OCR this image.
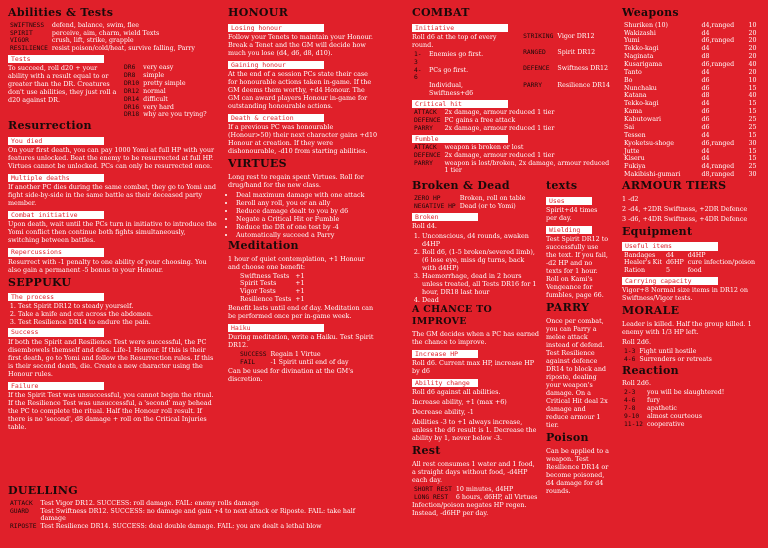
Abilities & Tests
SWIFTNESS	defend, balance, swim, flee
SPIRIT	perceive, aim, charm, wield Texts
VIGOR	crush, lift, strike, grapple
RESILIENCE	resist poison/cold/heat, survive falling, Parry
Tests

To succeed, roll d20 + your ability with a result equal to or greater than the DR. Creatures don't use abilities, they just roll a d20 against DR.

DR6	very easy
DR8	simple
DR10	pretty simple
DR12	normal
DR14	difficult
DR16	very hard
DR18	why are you trying?
Resurrection
You died

On your first death, you can pay 1000 Yomi at full HP with your features unlocked. Beat the enemy to be resurrected at full HP. Virtues cannot be unlocked. PCs can only be resurrected once.

Multiple deaths

If another PC dies during the same combat, they go to Yomi and fight side-by-side in the same battle as their deceased party member.

Combat initiative

Upon death, wait until the PCs turn in initiative to introduce the Yomi conflict then continue both fights simultaneously, switching between battles.

Repercussions

Resurrect with -1 penalty to one ability of your choosing. You also gain a permanent -5 bonus to your Honour.

SEPPUKU
The process
1. Test Spirit DR12 to steady yourself.
2. Take a knife and cut across the abdomen.
3. Test Resilience DR14 to endure the pain.
Success

If both the Spirit and Resilience Test were successful, the PC disembowels themself and dies. Life-1 Honour. If this is their first death, go to Yomi and follow the Resurrection rules. If this is their second death, die. Create a new character using the Honour rules.

Failure

If the Spirit Test was unsuccessful, you cannot begin the ritual. If the Resilience Test was unsuccessful, a 'second' may behead the PC to complete the ritual. Half the Honour roll result. If there is no 'second', d8 damage + roll on the Critical Injuries table.

DUELLING
ATTACK	Test Vigor DR12. SUCCESS: roll damage. FAIL: enemy rolls damage
GUARD	Test Swiftness DR12. SUCCESS: no damage and gain +4 to next attack or Riposte. FAIL: take half damage
RIPOSTE	Test Resilience DR14. SUCCESS: deal double damage. FAIL: you are dealt a lethal blow
HONOUR
Losing honour

Follow your Tenets to maintain your Honour. Break a Tenet and the GM will decide how much you lose (d4, d6, d8, d10).

Gaining honour

At the end of a session PCs state their case for honourable actions taken in-game. If the GM deems them worthy, +d4 Honour. The GM can award players Honour in-game for outstanding honourable actions.

Death & creation

If a previous PC was honourable (Honour>50) their next character gains +d10 Honour at creation. If they were dishonourable, -d10 from starting abilities.

VIRTUES

Long rest to regain spent Virtues. Roll for drug/hand for the new class.

• Deal maximum damage with one attack
• Reroll any roll, you or an ally
• Reduce damage dealt to you by d6
• Negate a Critical Hit or Fumble
• Reduce the DR of one test by -4
• Automatically succeed a Parry
Meditation

1 hour of quiet contemplation, +1 Honour and choose one benefit:

Swiftness Tests	+1
Spirit Tests	+1
Vigor Tests	+1
Resilience Tests	+1

Benefit lasts until end of day. Meditation can be performed once per in-game week.

Haiku

During meditation, write a Haiku. Test Spirit DR12.

SUCCESS	Regain 1 Virtue
FAIL	-1 Spirit until end of day

Can be used for divination at the GM's discretion.

COMBAT
Initiative

Roll d6 at the top of every round.

1-3	Enemies go first.
4-6	PCs go first.
	Individual, Swiftness+d6
STRIKING	Vigor DR12
RANGED	Spirit DR12
DEFENCE	Swiftness DR12
PARRY	Resilience DR14
Critical hit
ATTACK	2x damage, armour reduced 1 tier
DEFENCE	PC gains a free attack
PARRY	2x damage, armour reduced 1 tier
Fumble
ATTACK	weapon is broken or lost
DEFENCE	2x damage, armour reduced 1 tier
PARRY	weapon is lost/broken, 2x damage, armour reduced 1 tier
Broken & Dead
ZERO HP	Broken, roll on table
NEGATIVE HP	Dead (or to Yomi)
Broken

Roll d4.

1. Unconscious, d4 rounds, awaken d4HP
2. Roll d6, (1-5 broken/severed limb), (6 lose eye, miss dg turns, back with d4HP)
3. Haemorrhage, dead in 2 hours unless treated, all Tests DR16 for 1 hour, DR18 last hour
4. Dead
A CHANCE TO IMPROVE

The GM decides when a PC has earned the chance to improve.

Increase HP

Roll d6. Current max HP, increase HP by d6

Ability change

Roll d6 against all abilities.

Increase ability, +1 (max +6)

Decrease ability, -1

Abilities -3 to +1 always increase, unless the d6 result is 1. Decrease the ability by 1, never below -3.

Rest

All rest consumes 1 water and 1 food, a straight days without food, -d4HP each day.

SHORT REST	10 minutes, d4HP
LONG REST	6 hours, d6HP, all Virtues

Infection/poison negates HP regen. Instead, -d6HP per day.

texts
Uses

Spirit+d4 times per day.

Wielding

Test Spirit DR12 to successfully use the text. If you fail, -d2 HP and no texts for 1 hour. Roll on Kami's Vengeance for fumbles, page 66.

PARRY

Once per combat, you can Parry a melee attack instead of defend. Test Resilience against defence DR14 to block and riposte, dealing your weapon's damage. On a Critical Hit deal 2x damage and reduce armour 1 tier.

Poison

Can be applied to a weapon. Test Resilience DR14 or become poisoned, d4 damage for d4 rounds.

Weapons
Shuriken (10)	d4,ranged	10
Wakizashi	d4	20
Yumi	d6,ranged	20
Tekko-kagi	d4	20
Naginata	d8	20
Kusarigama	d6,ranged	40
Tanto	d4	20
Bo	d6	10
Nunchaku	d6	15
Katana	d8	40
Tekko-kagi	d4	15
Kama	d6	15
Kabutowari	d6	25
Sai	d6	25
Tessen	d4	15
Kyoketsu-shoge	d6,ranged	30
Jutte	d4	15
Kiseru	d4	15
Fukiya	d4,ranged	25
Makibishi-gumari	d8,ranged	30
ARMOUR TIERS

1 -d2

2 -d4, +2DR Swiftness, +2DR Defence

3 -d6, +4DR Swiftness, +4DR Defence

Equipment
Useful items
Bandages	d4	d4HP
Healer's Kit	d6HP	cure infection/poison
Ration	5	food
Carrying capacity

Vigor+8 Normal size items in DR12 on Swiftness/Vigor tests.

MORALE

Leader is killed. Half the group killed. 1 enemy with 1/3 HP left.

Roll 2d6.

1-3	Fight until hostile
4-6	Surrenders or retreats
Reaction

Roll 2d6.

2-3	you will be slaughtered!
4-6	fury
7-8	apathetic
9-10	almost courteous
11-12	cooperative
